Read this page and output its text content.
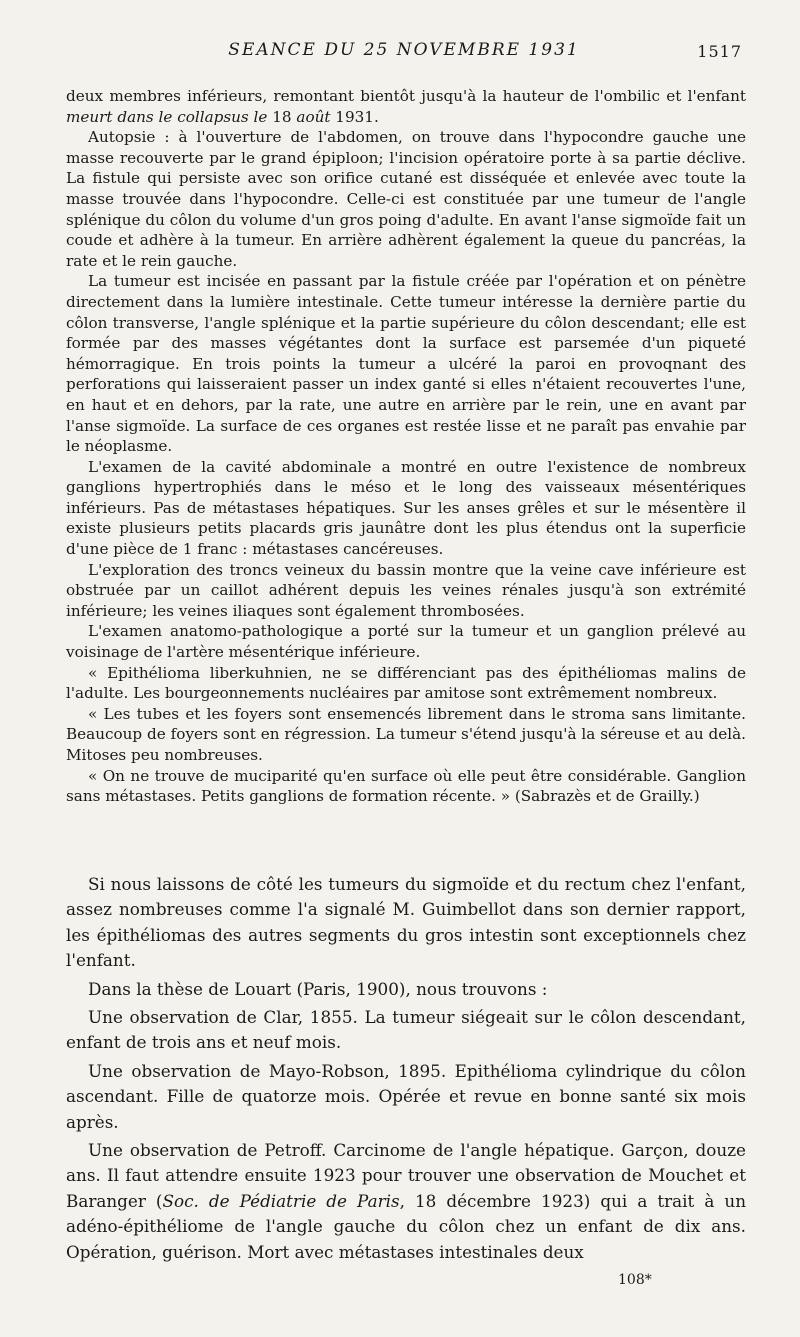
SEANCE DU 25 NOVEMBRE 1931	1517

deux membres inférieurs, remontant bientôt jusqu'à la hauteur de l'ombilic et l'enfant meurt dans le collapsus le 18 août 1931.

Autopsie : à l'ouverture de l'abdomen, on trouve dans l'hypocondre gauche une masse recouverte par le grand épiploon; l'incision opératoire porte à sa partie déclive. La fistule qui persiste avec son orifice cutané est disséquée et enlevée avec toute la masse trouvée dans l'hypocondre. Celle-ci est constituée par une tumeur de l'angle splénique du côlon du volume d'un gros poing d'adulte. En avant l'anse sigmoïde fait un coude et adhère à la tumeur. En arrière adhèrent également la queue du pancréas, la rate et le rein gauche.

La tumeur est incisée en passant par la fistule créée par l'opération et on pénètre directement dans la lumière intestinale. Cette tumeur intéresse la dernière partie du côlon transverse, l'angle splénique et la partie supérieure du côlon descendant; elle est formée par des masses végétantes dont la surface est parsemée d'un piqueté hémorragique. En trois points la tumeur a ulcéré la paroi en provoqnant des perforations qui laisseraient passer un index ganté si elles n'étaient recouvertes l'une, en haut et en dehors, par la rate, une autre en arrière par le rein, une en avant par l'anse sigmoïde. La surface de ces organes est restée lisse et ne paraît pas envahie par le néoplasme.

L'examen de la cavité abdominale a montré en outre l'existence de nombreux ganglions hypertrophiés dans le méso et le long des vaisseaux mésentériques inférieurs. Pas de métastases hépatiques. Sur les anses grêles et sur le mésentère il existe plusieurs petits placards gris jaunâtre dont les plus étendus ont la superficie d'une pièce de 1 franc : métastases cancéreuses.

L'exploration des troncs veineux du bassin montre que la veine cave inférieure est obstruée par un caillot adhérent depuis les veines rénales jusqu'à son extrémité inférieure; les veines iliaques sont également thrombosées.

L'examen anatomo-pathologique a porté sur la tumeur et un ganglion prélevé au voisinage de l'artère mésentérique inférieure.

« Epithélioma liberkuhnien, ne se différenciant pas des épithéliomas malins de l'adulte. Les bourgeonnements nucléaires par amitose sont extrêmement nombreux.

« Les tubes et les foyers sont ensemencés librement dans le stroma sans limitante. Beaucoup de foyers sont en régression. La tumeur s'étend jusqu'à la séreuse et au delà. Mitoses peu nombreuses.

« On ne trouve de muciparité qu'en surface où elle peut être considérable. Ganglion sans métastases. Petits ganglions de formation récente. » (Sabrazès et de Grailly.)

Si nous laissons de côté les tumeurs du sigmoïde et du rectum chez l'enfant, assez nombreuses comme l'a signalé M. Guimbellot dans son dernier rapport, les épithéliomas des autres segments du gros intestin sont exceptionnels chez l'enfant.

Dans la thèse de Louart (Paris, 1900), nous trouvons :

Une observation de Clar, 1855. La tumeur siégeait sur le côlon descendant, enfant de trois ans et neuf mois.

Une observation de Mayo-Robson, 1895. Epithélioma cylindrique du côlon ascendant. Fille de quatorze mois. Opérée et revue en bonne santé six mois après.

Une observation de Petroff. Carcinome de l'angle hépatique. Garçon, douze ans. Il faut attendre ensuite 1923 pour trouver une observation de Mouchet et Baranger (Soc. de Pédiatrie de Paris, 18 décembre 1923) qui a trait à un adéno-épithéliome de l'angle gauche du côlon chez un enfant de dix ans. Opération, guérison. Mort avec métastases intestinales deux

108*
